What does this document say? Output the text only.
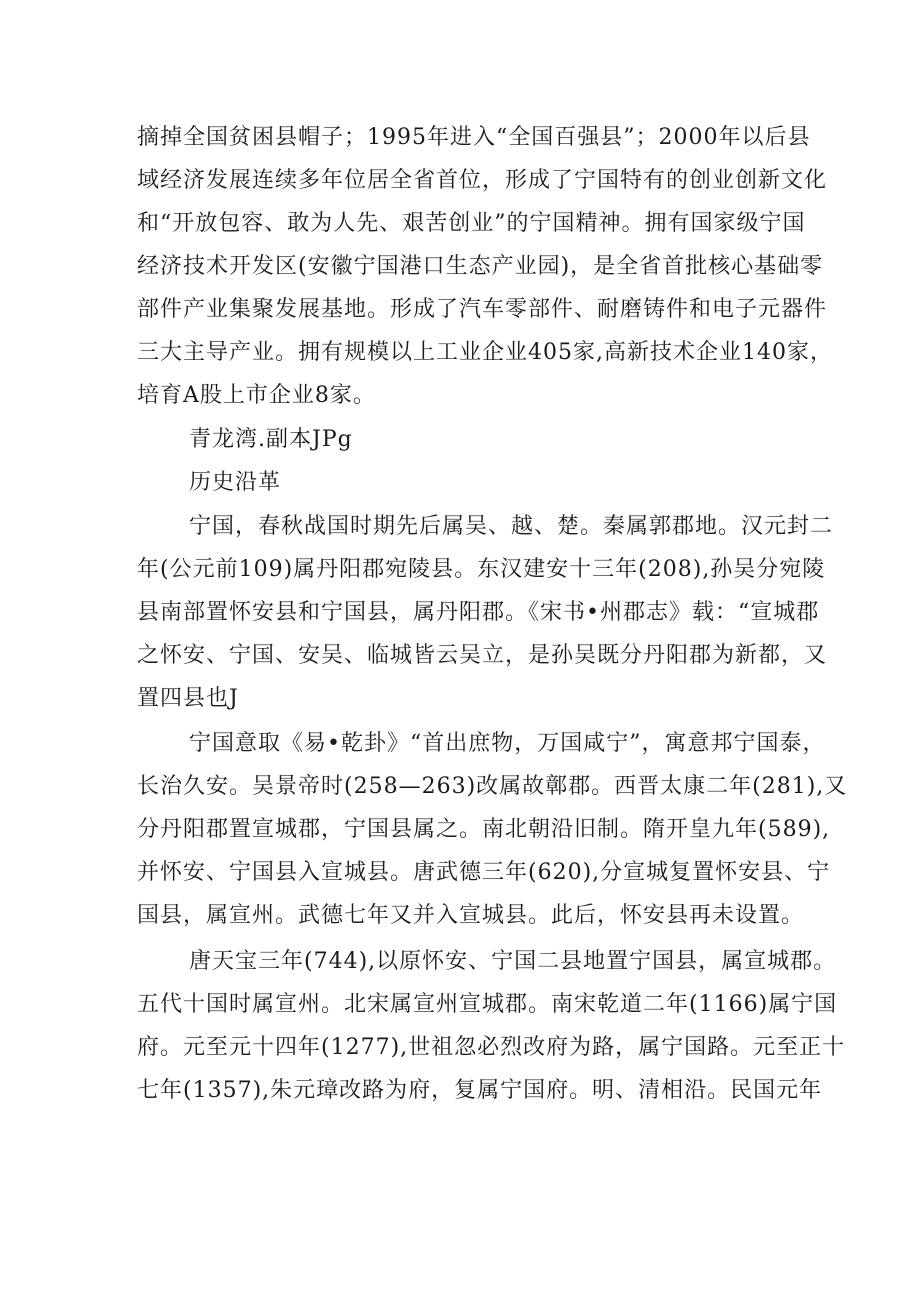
摘掉全国贫困县帽子；1995年进入“全国百强县”；2000年以后县
域经济发展连续多年位居全省首位，形成了宁国特有的创业创新文化
和“开放包容、敢为人先、艰苦创业”的宁国精神。拥有国家级宁国
经济技术开发区(安徽宁国港口生态产业园)，是全省首批核心基础零
部件产业集聚发展基地。形成了汽车零部件、耐磨铸件和电子元器件
三大主导产业。拥有规模以上工业企业405家,高新技术企业140家，
培育A股上市企业8家。
青龙湾.副本JPg
历史沿革
宁国，春秋战国时期先后属吴、越、楚。秦属郭郡地。汉元封二
年(公元前109)属丹阳郡宛陵县。东汉建安十三年(208),孙吴分宛陵
县南部置怀安县和宁国县，属丹阳郡。《宋书•州郡志》载：“宣城郡
之怀安、宁国、安吴、临城皆云吴立，是孙吴既分丹阳郡为新都，又
置四县也J
宁国意取《易•乾卦》“首出庶物，万国咸宁”，寓意邦宁国泰，
长治久安。吴景帝时(258—263)改属故鄣郡。西晋太康二年(281),又
分丹阳郡置宣城郡，宁国县属之。南北朝沿旧制。隋开皇九年(589),
并怀安、宁国县入宣城县。唐武德三年(620),分宣城复置怀安县、宁
国县，属宣州。武德七年又并入宣城县。此后，怀安县再未设置。
唐天宝三年(744),以原怀安、宁国二县地置宁国县，属宣城郡。
五代十国时属宣州。北宋属宣州宣城郡。南宋乾道二年(1166)属宁国
府。元至元十四年(1277),世祖忽必烈改府为路，属宁国路。元至正十
七年(1357),朱元璋改路为府，复属宁国府。明、清相沿。民国元年
